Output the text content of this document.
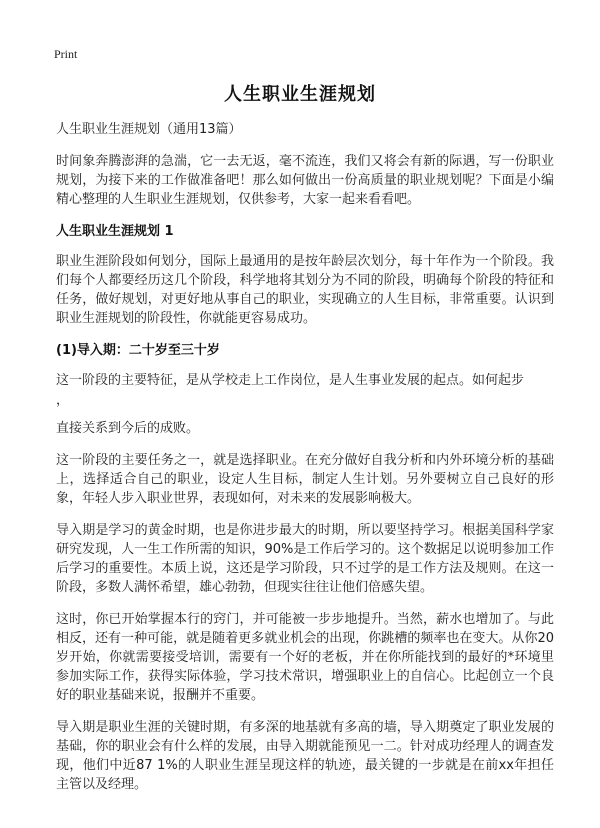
Print
人生职业生涯规划

人生职业生涯规划（通用13篇）

时间象奔腾澎湃的急湍，它一去无返，毫不流连，我们又将会有新的际遇，写一份职业规划，为接下来的工作做准备吧！那么如何做出一份高质量的职业规划呢？下面是小编精心整理的人生职业生涯规划，仅供参考，大家一起来看看吧。

人生职业生涯规划 1

职业生涯阶段如何划分，国际上最通用的是按年龄层次划分，每十年作为一个阶段。我们每个人都要经历这几个阶段，科学地将其划分为不同的阶段，明确每个阶段的特征和任务，做好规划，对更好地从事自己的职业，实现确立的人生目标，非常重要。认识到职业生涯规划的阶段性，你就能更容易成功。

(1)导入期：二十岁至三十岁

这一阶段的主要特征，是从学校走上工作岗位，是人生事业发展的起点。如何起步

，

直接关系到今后的成败。

这一阶段的主要任务之一，就是选择职业。在充分做好自我分析和内外环境分析的基础上，选择适合自己的职业，设定人生目标，制定人生计划。另外要树立自己良好的形象，年轻人步入职业世界，表现如何，对未来的发展影响极大。

导入期是学习的黄金时期，也是你进步最大的时期，所以要坚持学习。根据美国科学家研究发现，人一生工作所需的知识，90%是工作后学习的。这个数据足以说明参加工作后学习的重要性。本质上说，这还是学习阶段，只不过学的是工作方法及规则。在这一阶段，多数人满怀希望，雄心勃勃，但现实往往让他们倍感失望。

这时，你已开始掌握本行的窍门，并可能被一步步地提升。当然，薪水也增加了。与此相反，还有一种可能，就是随着更多就业机会的出现，你跳槽的频率也在变大。从你20岁开始，你就需要接受培训，需要有一个好的老板，并在你所能找到的最好的*环境里参加实际工作，获得实际体验，学习技术常识，增强职业上的自信心。比起创立一个良好的职业基础来说，报酬并不重要。

导入期是职业生涯的关键时期，有多深的地基就有多高的墙，导入期奠定了职业发展的基础，你的职业会有什么样的发展，由导入期就能预见一二。针对成功经理人的调查发现，他们中近87 1%的人职业生涯呈现这样的轨迹，最关键的一步就是在前xx年担任主管以及经理。
